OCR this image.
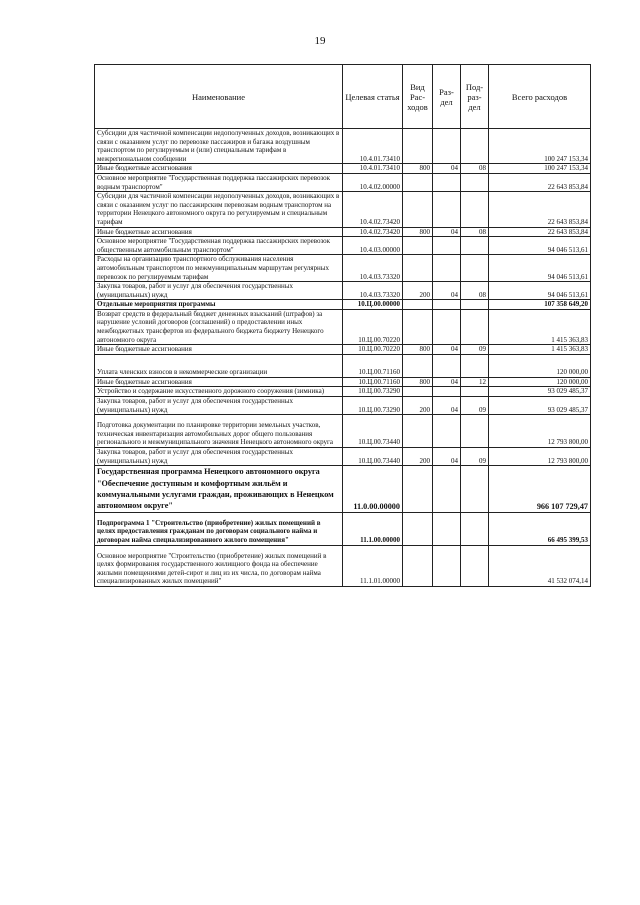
19
Наименование	Целевая статья	Вид Рас- ходов	Раз- дел	Под- раз- дел	Всего расходов
Субсидии для частичной компенсации недополученных доходов, возникающих в связи с оказанием услуг по перевозке пассажиров и багажа воздушным транспортом по регулируемым и (или) специальным тарифам в межрегиональном сообщении	10.4.01.73410				100 247 153,34
Иные бюджетные ассигнования	10.4.01.73410	800	04	08	100 247 153,34
Основное мероприятие "Государственная поддержка пассажирских перевозок водным транспортом"	10.4.02.00000				22 643 853,84
Субсидии для частичной компенсации недополученных доходов, возникающих в связи с оказанием услуг по пассажирским перевозкам водным транспортом на территории Ненецкого автономного округа по регулируемым и специальным тарифам	10.4.02.73420				22 643 853,84
Иные бюджетные ассигнования	10.4.02.73420	800	04	08	22 643 853,84
Основное мероприятие "Государственная поддержка пассажирских перевозок общественным автомобильным транспортом"	10.4.03.00000				94 046 513,61
Расходы на организацию транспортного обслуживания населения автомобильным транспортом по межмуниципальным маршрутам регулярных перевозок по регулируемым тарифам	10.4.03.73320				94 046 513,61
Закупка товаров, работ и услуг для обеспечения государственных (муниципальных) нужд	10.4.03.73320	200	04	08	94 046 513,61
Отдельные мероприятия программы	10.Ц.00.00000				107 358 649,20
Возврат средств в федеральный бюджет денежных взысканий (штрафов) за нарушение условий договоров (соглашений) о предоставлении иных межбюджетных трансфертов из федерального бюджета бюджету Ненецкого автономного округа	10.Ц.00.70220				1 415 363,83
Иные бюджетные ассигнования	10.Ц.00.70220	800	04	09	1 415 363,83
Уплата членских взносов в некоммерческие организации	10.Ц.00.71160				120 000,00
Иные бюджетные ассигнования	10.Ц.00.71160	800	04	12	120 000,00
Устройство и содержание искусственного дорожного сооружения (зимника)	10.Ц.00.73290				93 029 485,37
Закупка товаров, работ и услуг для обеспечения государственных (муниципальных) нужд	10.Ц.00.73290	200	04	09	93 029 485,37
Подготовка документации по планировке территории земельных участков, техническая инвентаризация автомобильных дорог общего пользования регионального и межмуниципального значения Ненецкого автономного округа	10.Ц.00.73440				12 793 800,00
Закупка товаров, работ и услуг для обеспечения государственных (муниципальных) нужд	10.Ц.00.73440	200	04	09	12 793 800,00
Государственная программа Ненецкого автономного округа "Обеспечение доступным и комфортным жильём и коммунальными услугами граждан, проживающих в Ненецком автономном округе"	11.0.00.00000				966 107 729,47
Подпрограмма 1 "Строительство (приобретение) жилых помещений в целях предоставления гражданам по договорам социального найма и договорам найма специализированного жилого помещения"	11.1.00.00000				66 495 399,53
Основное мероприятие "Строительство (приобретение) жилых помещений в целях формирования государственного жилищного фонда на обеспечение жилыми помещениями детей-сирот и лиц из их числа, по договорам найма специализированных жилых помещений"	11.1.01.00000				41 532 074,14
